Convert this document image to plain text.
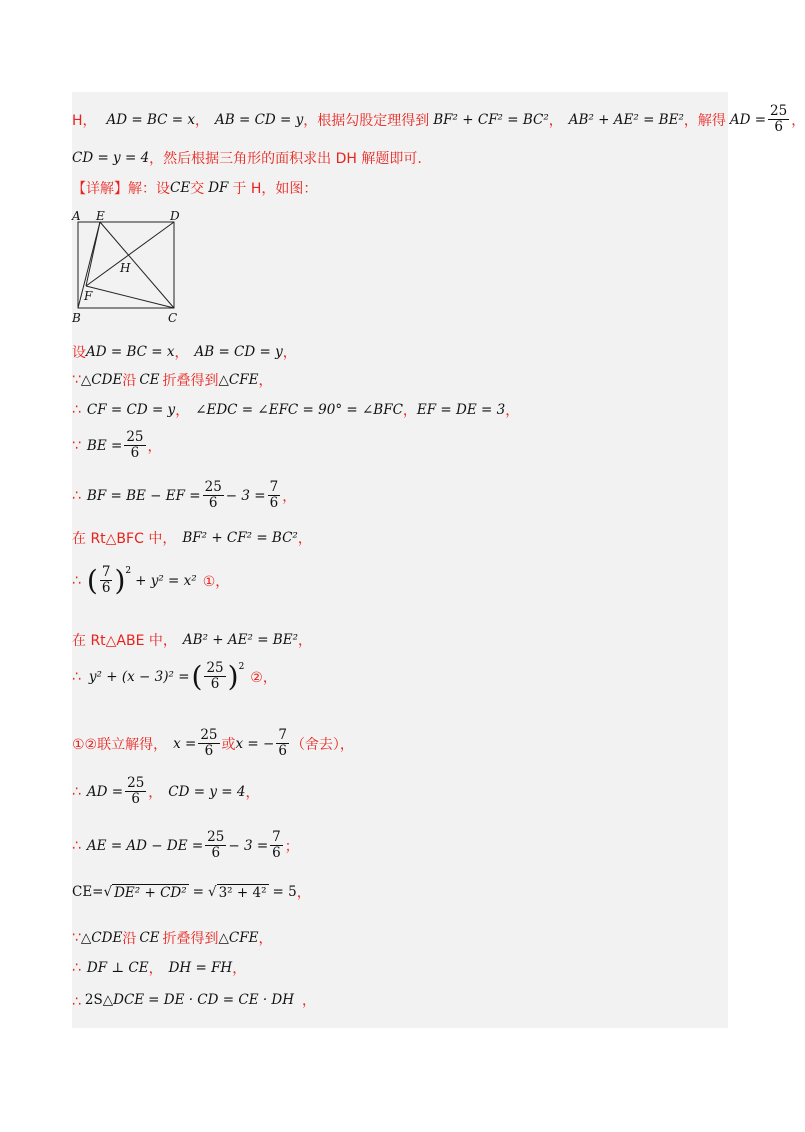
H， AD = BC = x ， AB = CD = y ，根据勾股定理得到 BF² + CF² = BC² ， AB² + AE² = BE² ，解得 AD = $\frac{25}{6}$ ，
CD = y = 4 ，然后根据三角形的面积求出 DH 解题即可.
【详解】 解：设 CE 交 DF 于 H，如图：
A E	D
H
F
B	C
设 AD = BC = x ， AB = CD = y ，
∵ △CDE 沿 CE 折叠得到 △CFE ，
∴ CF = CD = y ， ∠EDC = ∠EFC = 90° = ∠BFC ， EF = DE = 3 ，
∵ BE = $\frac{25}{6}$ ，
∴ BF = BE − EF = $\frac{25}{6} - 3 = \frac{7}{6}$ ，
在 Rt△BFC 中， BF² + CF² = BC² ，
∴ ( $\frac{7}{6} )^2$
+ y² = x² ①，
在 Rt△ABE 中， AB² + AE² = BE² ，
∴ y² + (x − 3)² = ( $\frac{25}{6} )^2$
②，
①②联立解得， $x = \frac{25}{6}$ 或 x = − $\frac{7}{6}$ （舍去），
∴ AD = $\frac{25}{6}$ ， CD = y = 4 ，
∴ AE = AD − DE = $\frac{25}{6} - 3 = \frac{7}{6}$ ；
CE= √ DE² + CD² = √ 3² + 4² = 5 ，
∵ △CDE 沿 CE 折叠得到 △CFE ，
∴ DF ⊥ CE ， DH = FH ，
∴ 2S △DCE = DE · CD = CE · DH ，
